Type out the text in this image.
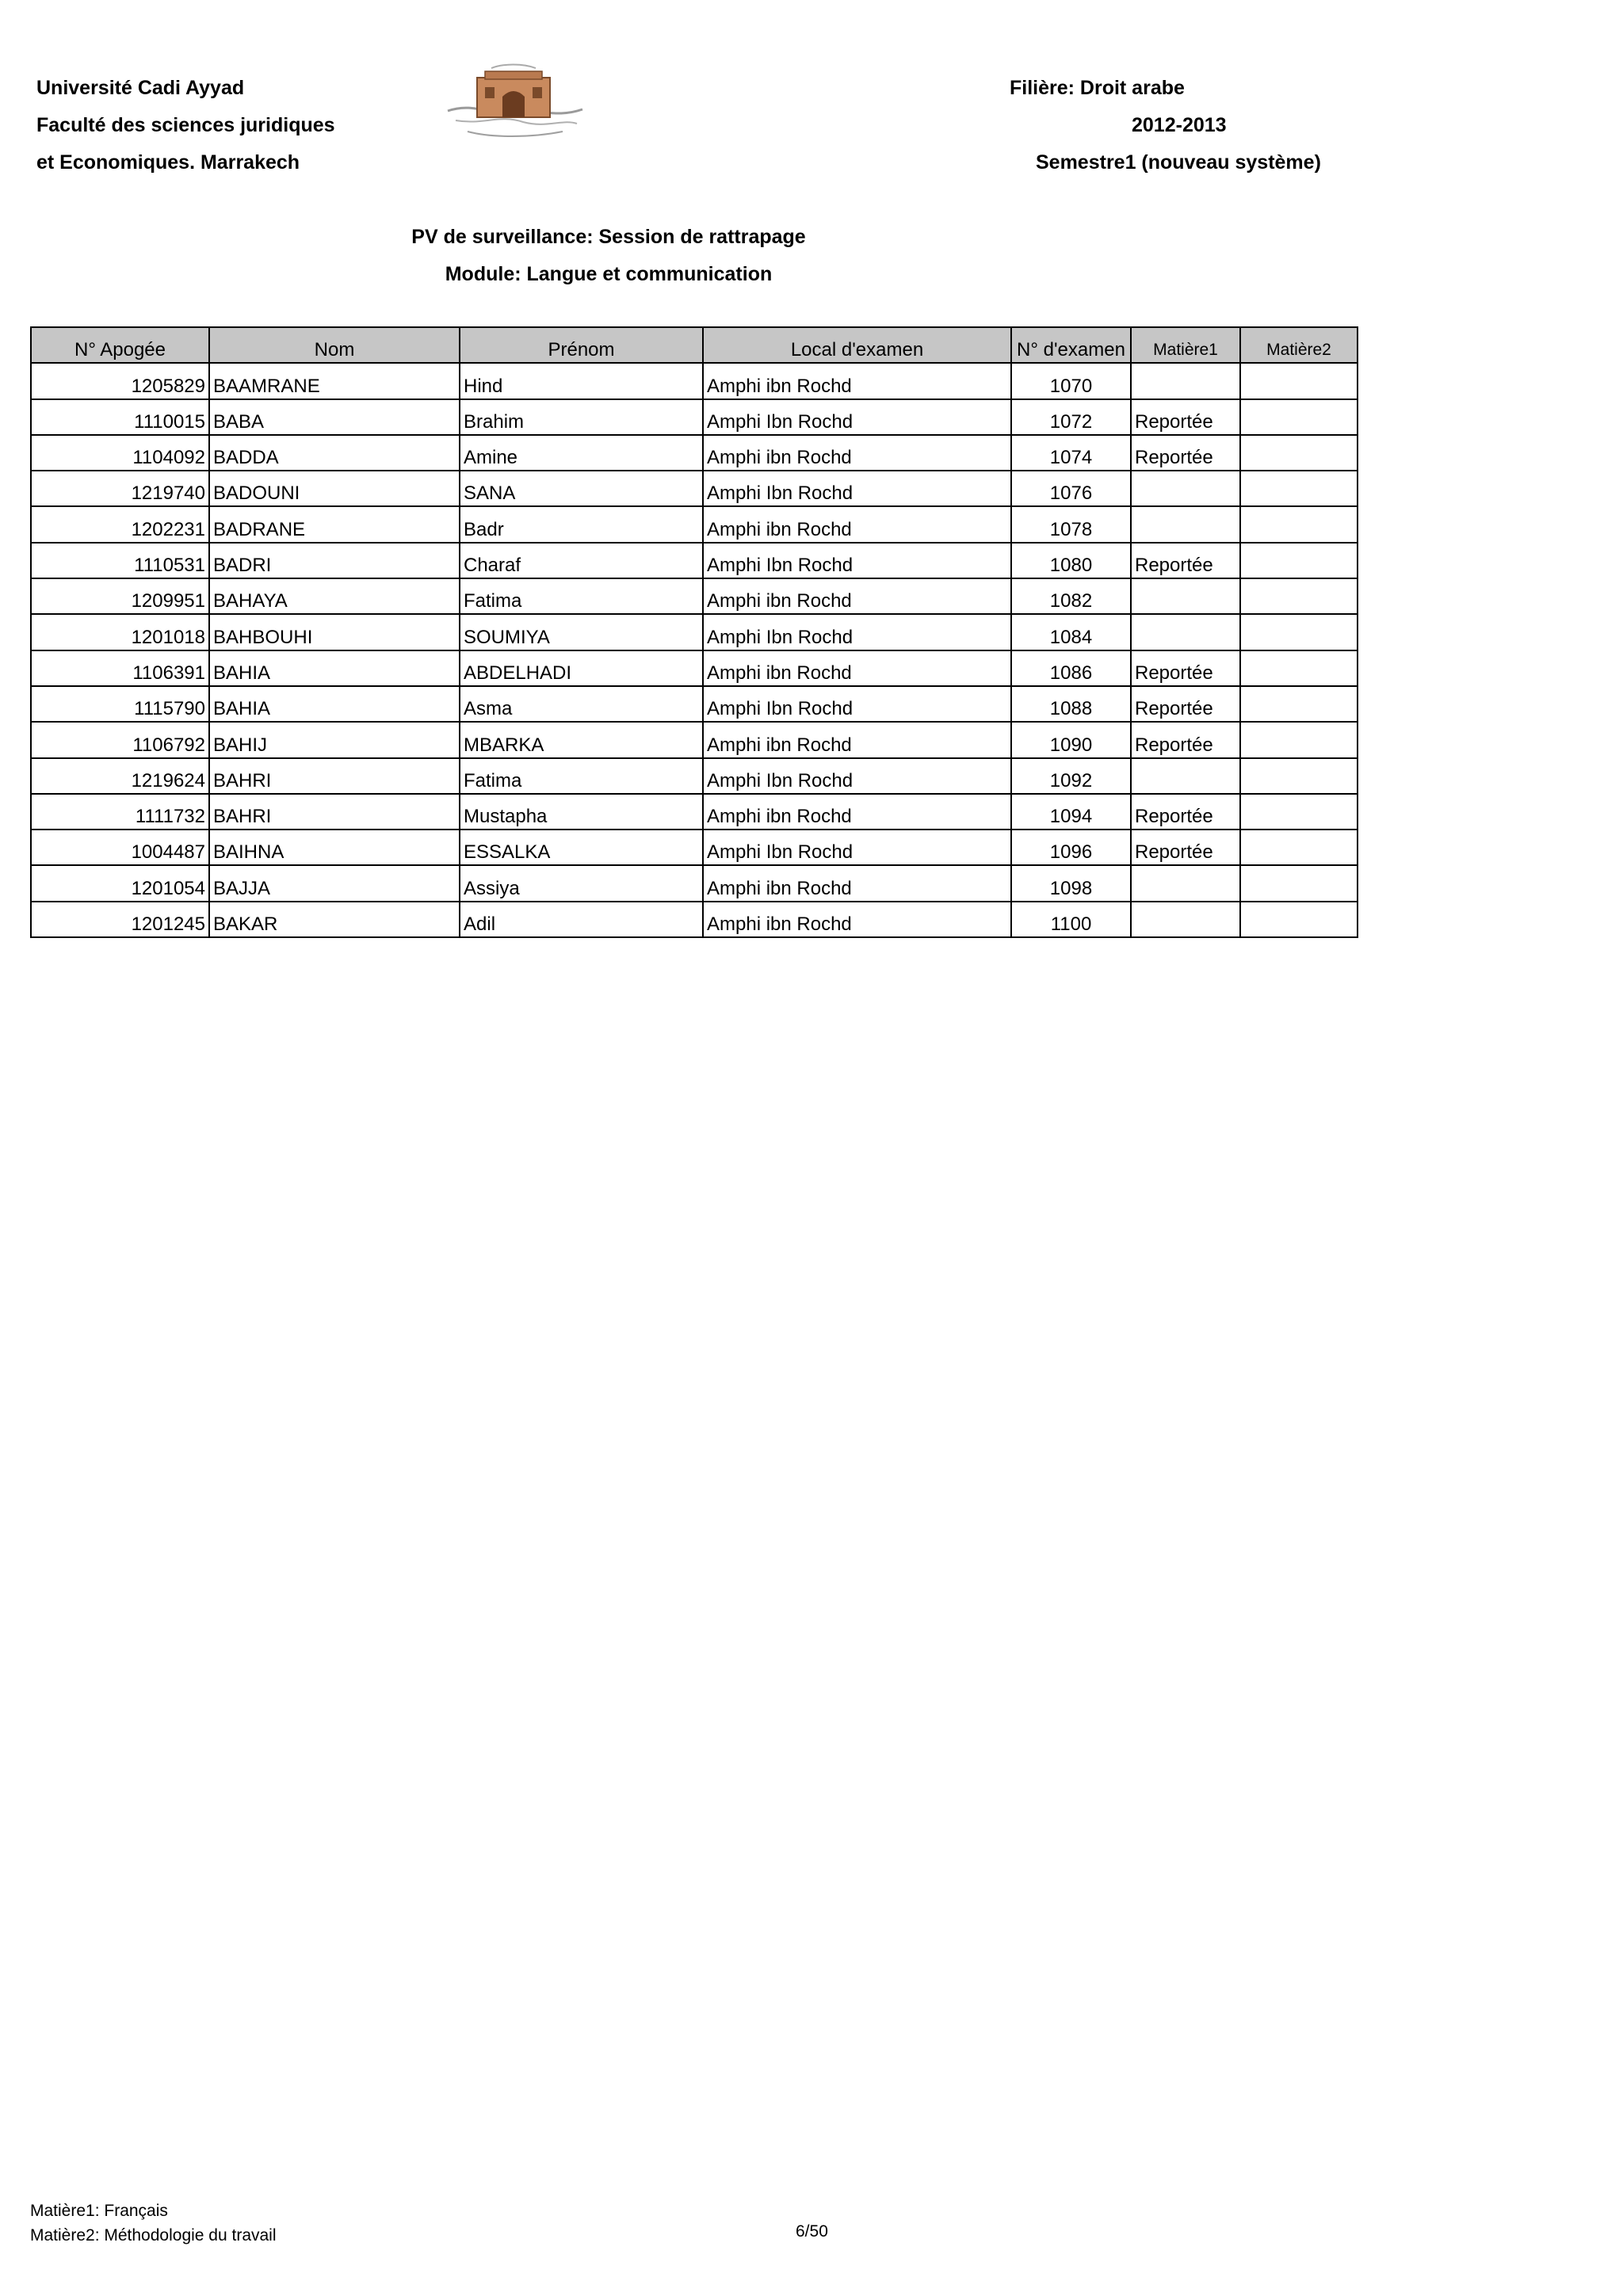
Université Cadi Ayyad
Faculté des sciences juridiques
et Economiques. Marrakech
Filière: Droit arabe
2012-2013
Semestre1 (nouveau système)
PV de surveillance: Session de rattrapage
Module: Langue et communication
N° Apogée	Nom	Prénom	Local d'examen	N° d'examen	Matière1	Matière2
1205829	BAAMRANE	Hind	Amphi ibn Rochd	1070		
1110015	BABA	Brahim	Amphi Ibn Rochd	1072	Reportée	
1104092	BADDA	Amine	Amphi ibn Rochd	1074	Reportée	
1219740	BADOUNI	SANA	Amphi Ibn Rochd	1076		
1202231	BADRANE	Badr	Amphi ibn Rochd	1078		
1110531	BADRI	Charaf	Amphi Ibn Rochd	1080	Reportée	
1209951	BAHAYA	Fatima	Amphi ibn Rochd	1082		
1201018	BAHBOUHI	SOUMIYA	Amphi Ibn Rochd	1084		
1106391	BAHIA	ABDELHADI	Amphi ibn Rochd	1086	Reportée	
1115790	BAHIA	Asma	Amphi Ibn Rochd	1088	Reportée	
1106792	BAHIJ	MBARKA	Amphi ibn Rochd	1090	Reportée	
1219624	BAHRI	Fatima	Amphi Ibn Rochd	1092		
1111732	BAHRI	Mustapha	Amphi ibn Rochd	1094	Reportée	
1004487	BAIHNA	ESSALKA	Amphi Ibn Rochd	1096	Reportée	
1201054	BAJJA	Assiya	Amphi ibn Rochd	1098		
1201245	BAKAR	Adil	Amphi ibn Rochd	1100		
Matière1: Français
Matière2: Méthodologie du travail	6/50
